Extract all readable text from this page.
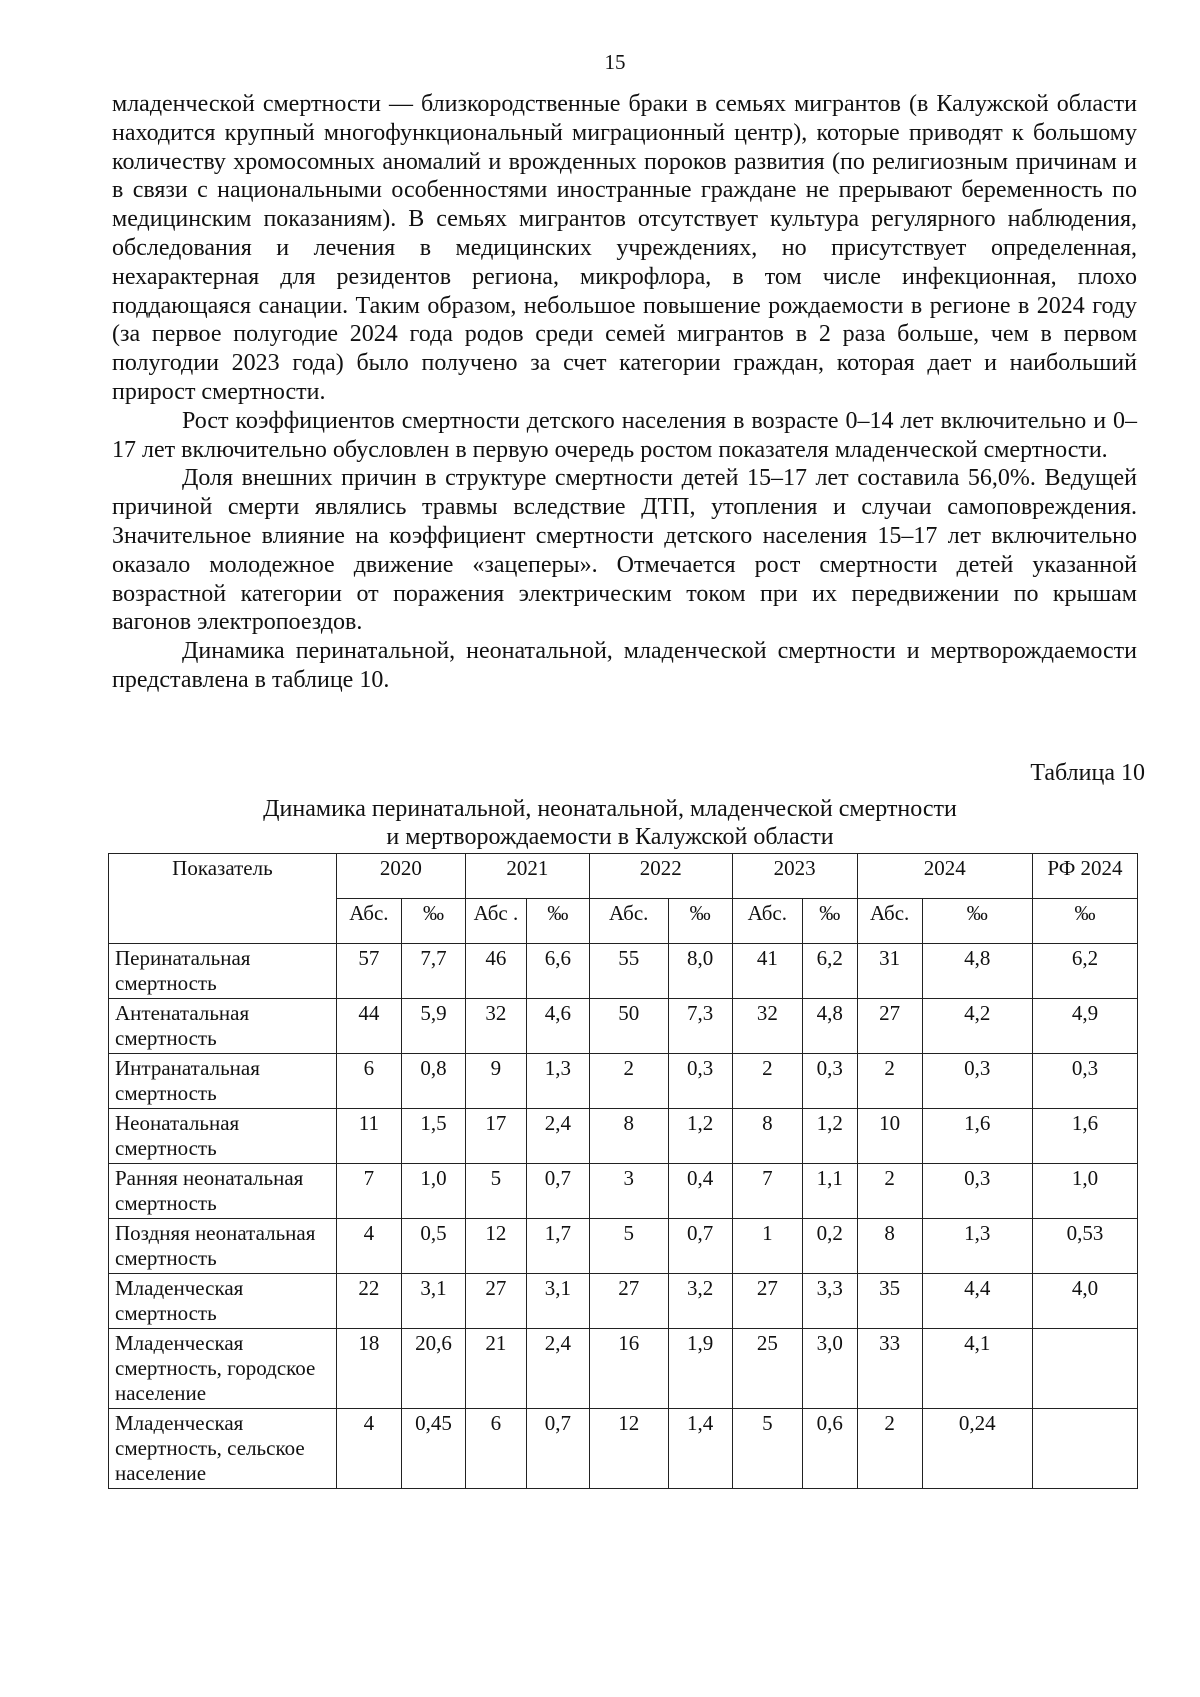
15

младенческой смертности — близкородственные браки в семьях мигрантов (в Калужской области находится крупный многофункциональный миграционный центр), которые приводят к большому количеству хромосомных аномалий и врожденных пороков развития (по религиозным причинам и в связи с национальными особенностями иностранные граждане не прерывают беременность по медицинским показаниям). В семьях мигрантов отсутствует культура регулярного наблюдения, обследования и лечения в медицинских учреждениях, но присутствует определенная, нехарактерная для резидентов региона, микрофлора, в том числе инфекционная, плохо поддающаяся санации. Таким образом, небольшое повышение рождаемости в регионе в 2024 году (за первое полугодие 2024 года родов среди семей мигрантов в 2 раза больше, чем в первом полугодии 2023 года) было получено за счет категории граждан, которая дает и наибольший прирост смертности.

Рост коэффициентов смертности детского населения в возрасте 0–14 лет включительно и 0–17 лет включительно обусловлен в первую очередь ростом показателя младенческой смертности.

Доля внешних причин в структуре смертности детей 15–17 лет составила 56,0%. Ведущей причиной смерти являлись травмы вследствие ДТП, утопления и случаи самоповреждения. Значительное влияние на коэффициент смертности детского населения 15–17 лет включительно оказало молодежное движение «зацеперы». Отмечается рост смертности детей указанной возрастной категории от поражения электрическим током при их передвижении по крышам вагонов электропоездов.

Динамика перинатальной, неонатальной, младенческой смертности и мертворождаемости представлена в таблице 10.

Таблица 10
Динамика перинатальной, неонатальной, младенческой смертности
и мертворождаемости в Калужской области
Показатель	2020		2021		2022		2023		2024		РФ 2024
	Абс.	‰	Абс .	‰	Абс.	‰	Абс.	‰	Абс.	‰	‰
Перинатальная смертность	57	7,7	46	6,6	55	8,0	41	6,2	31	4,8	6,2
Антенатальная смертность	44	5,9	32	4,6	50	7,3	32	4,8	27	4,2	4,9
Интранатальная смертность	6	0,8	9	1,3	2	0,3	2	0,3	2	0,3	0,3
Неонатальная смертность	11	1,5	17	2,4	8	1,2	8	1,2	10	1,6	1,6
Ранняя неонатальная смертность	7	1,0	5	0,7	3	0,4	7	1,1	2	0,3	1,0
Поздняя неонатальная смертность	4	0,5	12	1,7	5	0,7	1	0,2	8	1,3	0,53
Младенческая смертность	22	3,1	27	3,1	27	3,2	27	3,3	35	4,4	4,0
Младенческая смертность, городское население	18	20,6	21	2,4	16	1,9	25	3,0	33	4,1	
Младенческая смертность, сельское население	4	0,45	6	0,7	12	1,4	5	0,6	2	0,24	
